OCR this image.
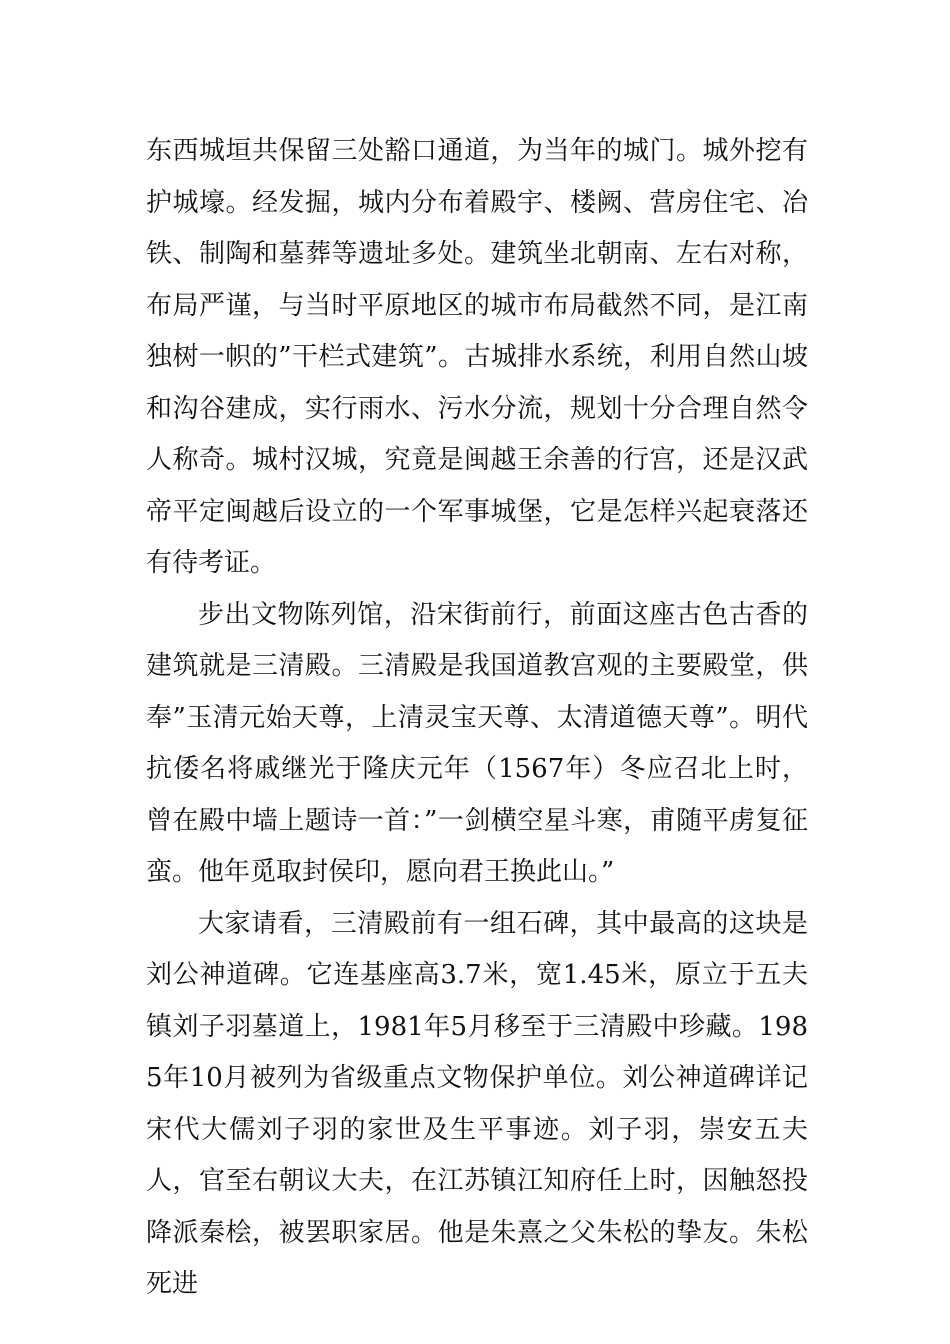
东西城垣共保留三处豁口通道，为当年的城门。城外挖有护城壕。经发掘，城内分布着殿宇、楼阙、营房住宅、冶铁、制陶和墓葬等遗址多处。建筑坐北朝南、左右对称，布局严谨，与当时平原地区的城市布局截然不同，是江南独树一帜的”干栏式建筑”。古城排水系统，利用自然山坡和沟谷建成，实行雨水、污水分流，规划十分合理自然令人称奇。城村汉城，究竟是闽越王余善的行宫，还是汉武帝平定闽越后设立的一个军事城堡，它是怎样兴起衰落还有待考证。

步出文物陈列馆，沿宋街前行，前面这座古色古香的建筑就是三清殿。三清殿是我国道教宫观的主要殿堂，供奉”玉清元始天尊，上清灵宝天尊、太清道德天尊”。明代抗倭名将戚继光于隆庆元年（1567年）冬应召北上时，曾在殿中墙上题诗一首：”一剑横空星斗寒，甫随平虏复征蛮。他年觅取封侯印，愿向君王换此山。”

大家请看，三清殿前有一组石碑，其中最高的这块是刘公神道碑。它连基座高3.7米，宽1.45米，原立于五夫镇刘子羽墓道上，1981年5月移至于三清殿中珍藏。1985年10月被列为省级重点文物保护单位。刘公神道碑详记宋代大儒刘子羽的家世及生平事迹。刘子羽，崇安五夫人，官至右朝议大夫，在江苏镇江知府任上时，因触怒投降派秦桧，被罢职家居。他是朱熹之父朱松的挚友。朱松死进
